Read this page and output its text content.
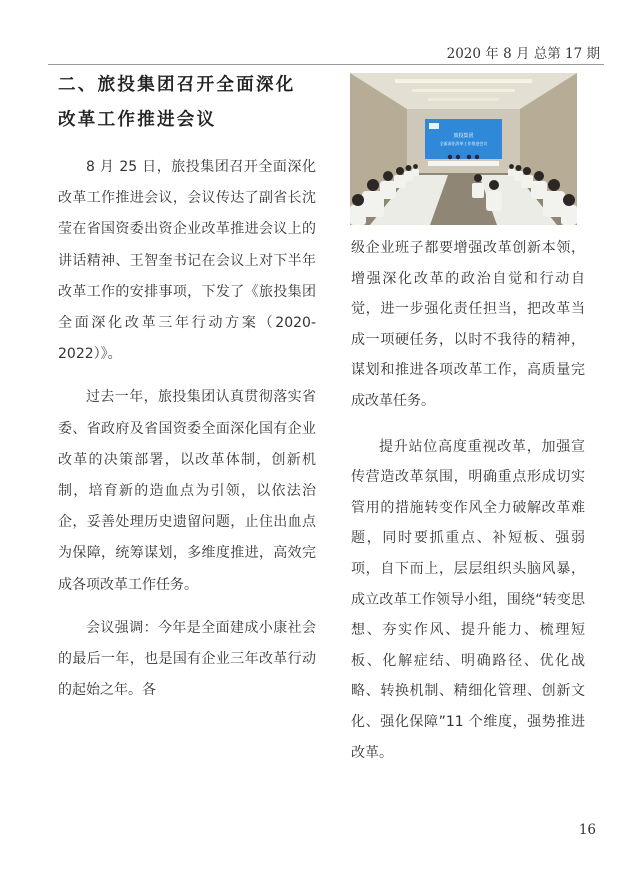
2020 年 8 月 总第 17 期
二、旅投集团召开全面深化
改革工作推进会议

8 月 25 日，旅投集团召开全面深化改革工作推进会议，会议传达了副省长沈莹在省国资委出资企业改革推进会议上的讲话精神、王智奎书记在会议上对下半年改革工作的安排事项，下发了《旅投集团全面深化改革三年行动方案（2020-2022）》。

过去一年，旅投集团认真贯彻落实省委、省政府及省国资委全面深化国有企业改革的决策部署，以改革体制，创新机制，培育新的造血点为引领，以依法治企，妥善处理历史遗留问题，止住出血点为保障，统筹谋划，多维度推进，高效完成各项改革工作任务。

会议强调：今年是全面建成小康社会的最后一年，也是国有企业三年改革行动的起始之年。各

旅投集团
全面深化改革工作推进会议

级企业班子都要增强改革创新本领，增强深化改革的政治自觉和行动自觉，进一步强化责任担当，把改革当成一项硬任务，以时不我待的精神，谋划和推进各项改革工作，高质量完成改革任务。

提升站位高度重视改革，加强宣传营造改革氛围，明确重点形成切实管用的措施转变作风全力破解改革难题，同时要抓重点、补短板、强弱项，自下而上，层层组织头脑风暴，成立改革工作领导小组，围绕“转变思想、夯实作风、提升能力、梳理短板、化解症结、明确路径、优化战略、转换机制、精细化管理、创新文化、强化保障”11 个维度，强势推进改革。

16
